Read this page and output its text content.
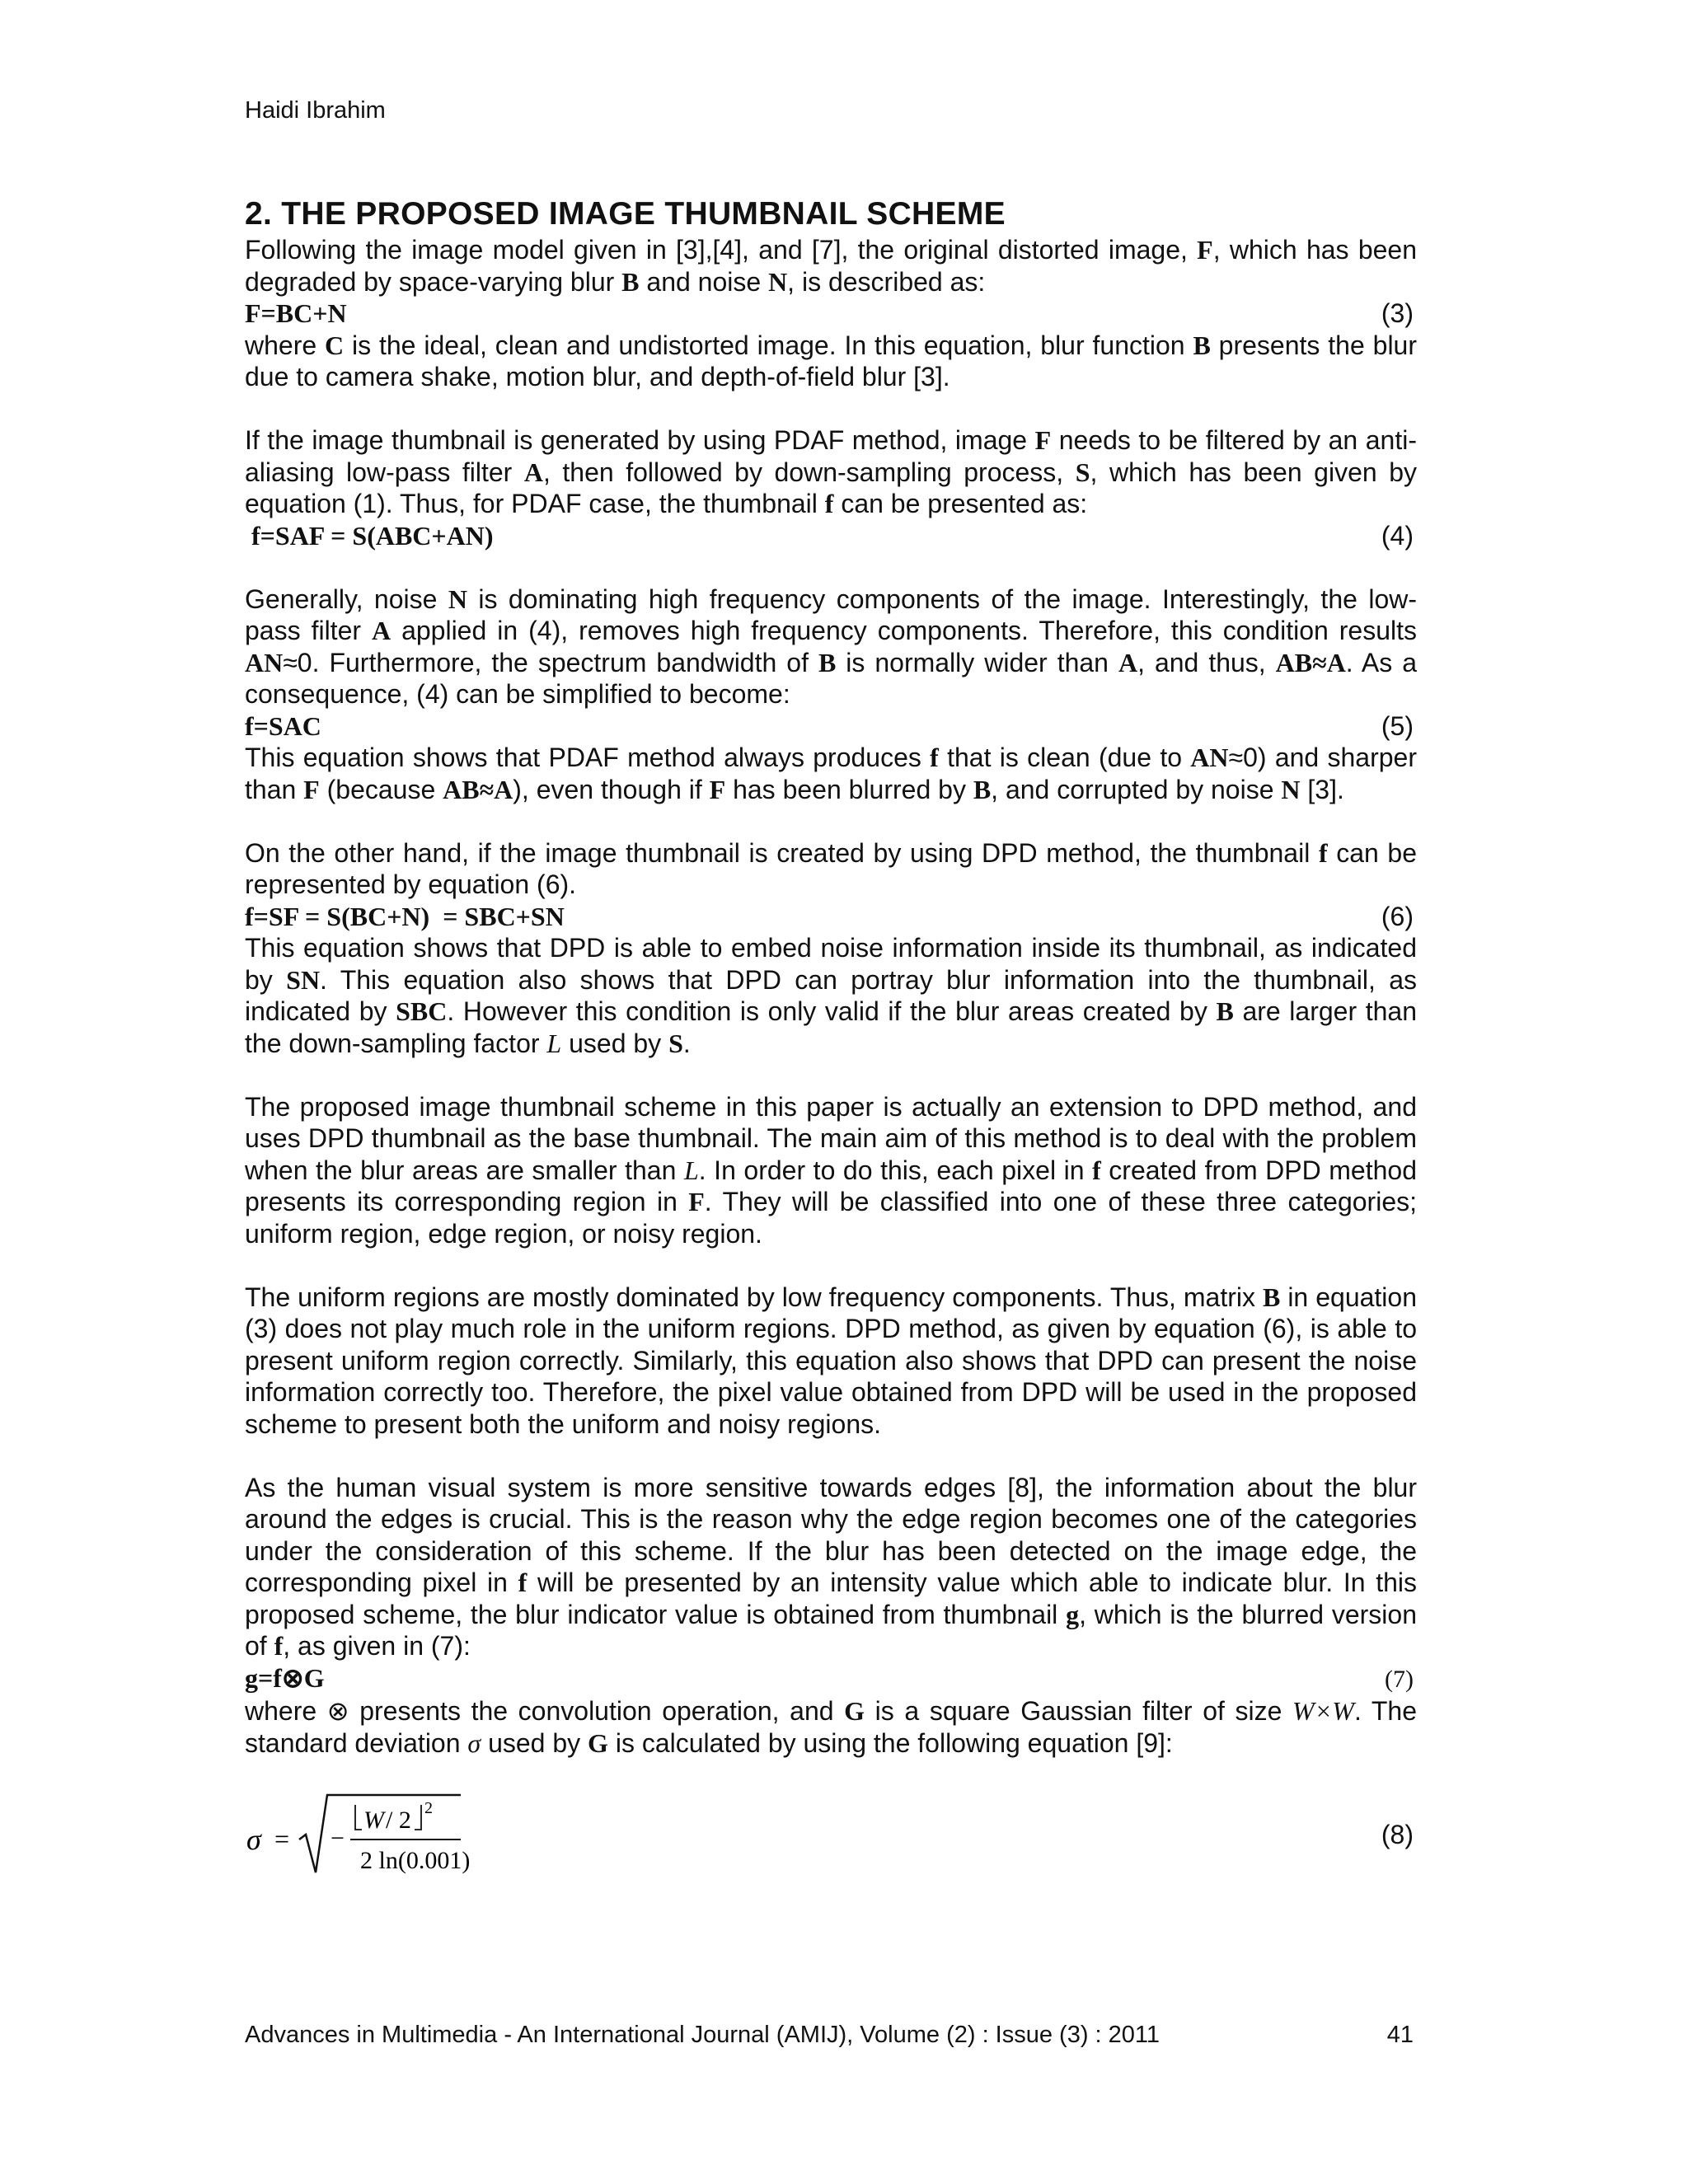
Haidi Ibrahim
2. THE PROPOSED IMAGE THUMBNAIL SCHEME

Following the image model given in [3],[4], and [7], the original distorted image, F, which has been degraded by space-varying blur B and noise N, is described as:

F=BC+N	(3)

where C is the ideal, clean and undistorted image. In this equation, blur function B presents the blur due to camera shake, motion blur, and depth-of-field blur [3].

If the image thumbnail is generated by using PDAF method, image F needs to be filtered by an anti-aliasing low-pass filter A, then followed by down-sampling process, S, which has been given by equation (1). Thus, for PDAF case, the thumbnail f can be presented as:

f=SAF = S(ABC+AN)	(4)

Generally, noise N is dominating high frequency components of the image. Interestingly, the low-pass filter A applied in (4), removes high frequency components. Therefore, this condition results AN≈0. Furthermore, the spectrum bandwidth of B is normally wider than A, and thus, AB≈A. As a consequence, (4) can be simplified to become:

f=SAC	(5)

This equation shows that PDAF method always produces f that is clean (due to AN≈0) and sharper than F (because AB≈A), even though if F has been blurred by B, and corrupted by noise N [3].

On the other hand, if the image thumbnail is created by using DPD method, the thumbnail f can be represented by equation (6).

f=SF = S(BC+N)  = SBC+SN	(6)

This equation shows that DPD is able to embed noise information inside its thumbnail, as indicated by SN. This equation also shows that DPD can portray blur information into the thumbnail, as indicated by SBC. However this condition is only valid if the blur areas created by B are larger than the down-sampling factor L used by S.

The proposed image thumbnail scheme in this paper is actually an extension to DPD method, and uses DPD thumbnail as the base thumbnail. The main aim of this method is to deal with the problem when the blur areas are smaller than L. In order to do this, each pixel in f created from DPD method presents its corresponding region in F. They will be classified into one of these three categories; uniform region, edge region, or noisy region.

The uniform regions are mostly dominated by low frequency components. Thus, matrix B in equation (3) does not play much role in the uniform regions. DPD method, as given by equation (6), is able to present uniform region correctly. Similarly, this equation also shows that DPD can present the noise information correctly too. Therefore, the pixel value obtained from DPD will be used in the proposed scheme to present both the uniform and noisy regions.

As the human visual system is more sensitive towards edges [8], the information about the blur around the edges is crucial. This is the reason why the edge region becomes one of the categories under the consideration of this scheme. If the blur has been detected on the image edge, the corresponding pixel in f will be presented by an intensity value which able to indicate blur. In this proposed scheme, the blur indicator value is obtained from thumbnail g, which is the blurred version of f, as given in (7):

g=f⊗G	(7)

where ⊗ presents the convolution operation, and G is a square Gaussian filter of size W×W. The standard deviation σ used by G is calculated by using the following equation [9]:

σ = −
W / 2 2
2 ln(0.001)
(8)
Advances in Multimedia - An International Journal (AMIJ), Volume (2) : Issue (3) : 2011	41
